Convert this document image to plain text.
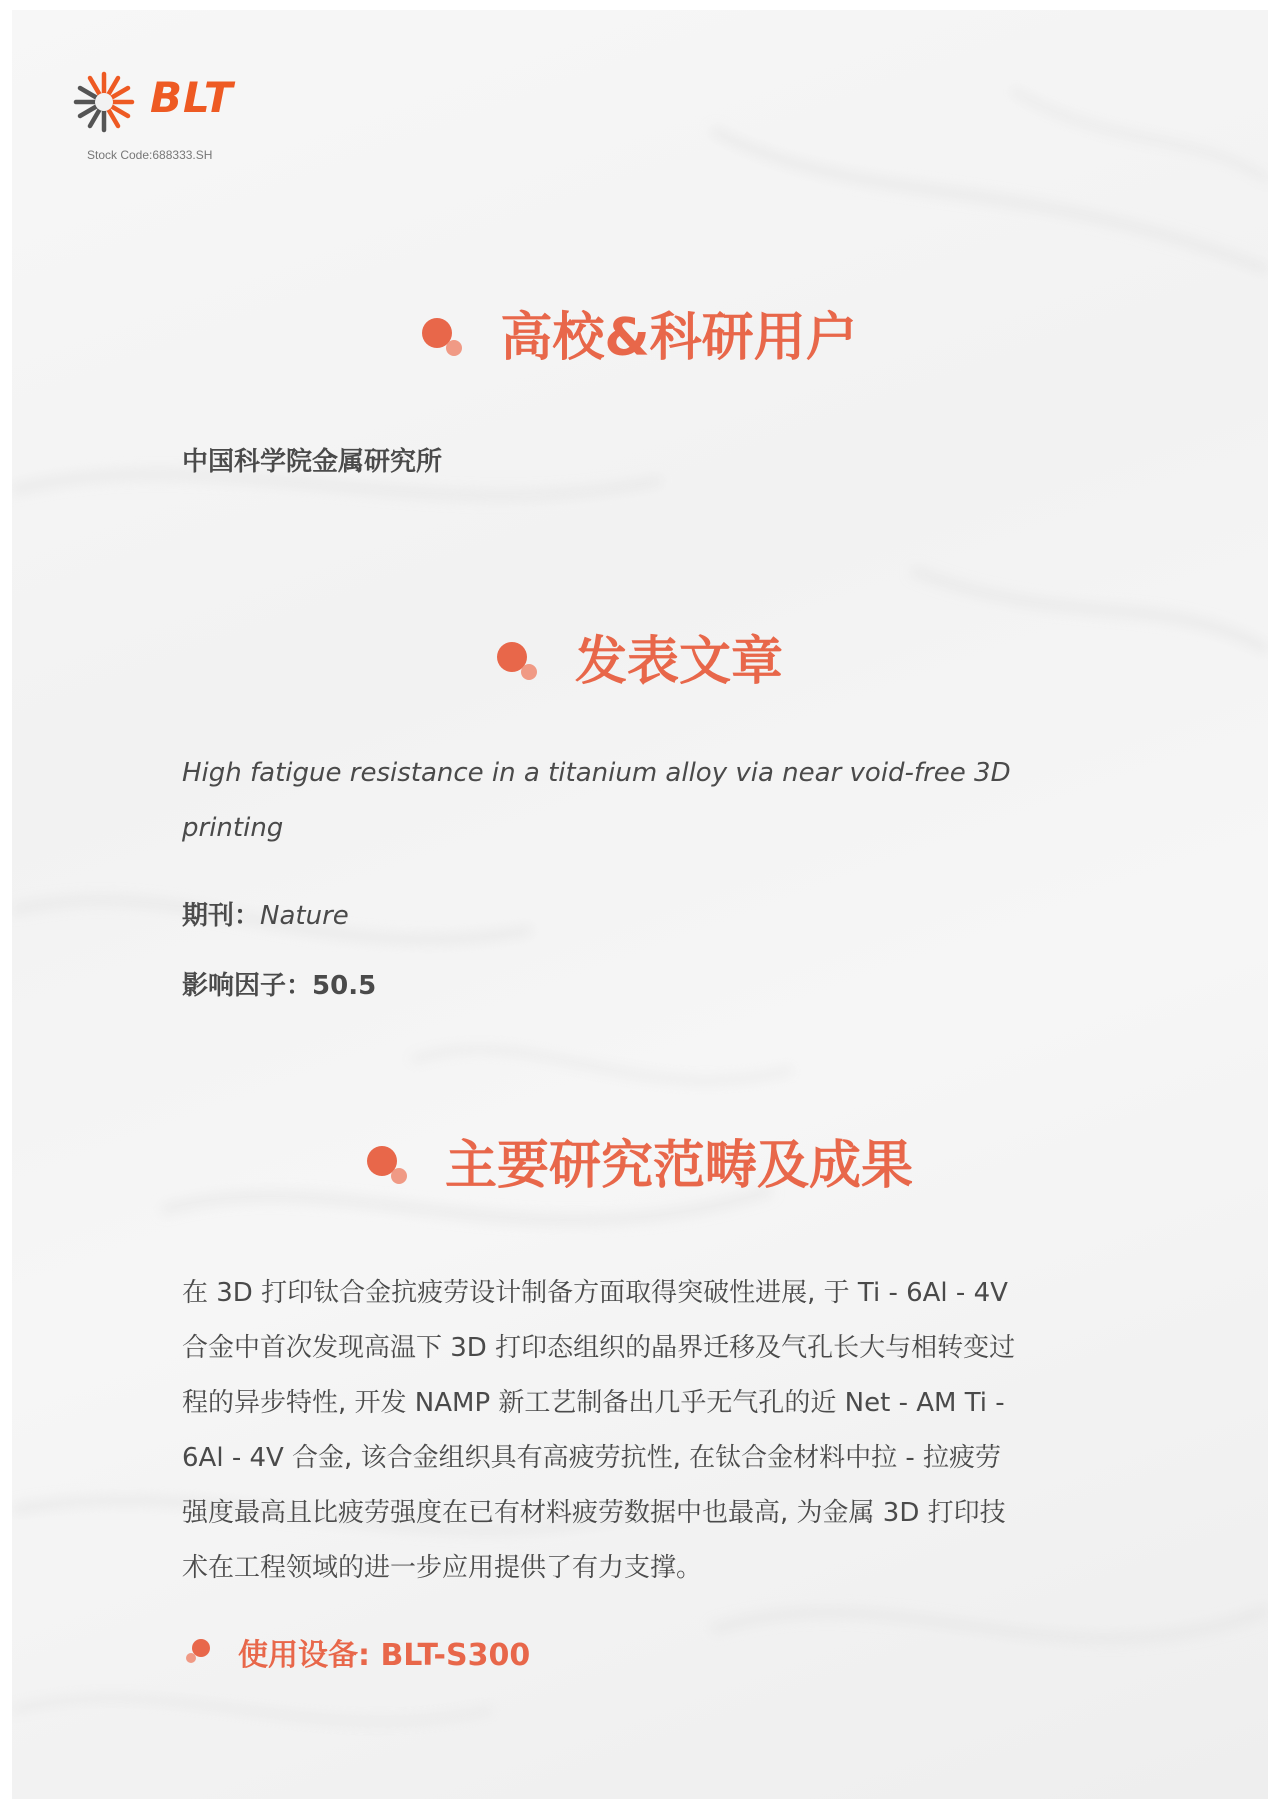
BLT
Stock Code:688333.SH
高校&科研用户
中国科学院金属研究所
发表文章
High fatigue resistance in a titanium alloy via near void-free 3D
printing
期刊：Nature
影响因子：50.5
主要研究范畴及成果
在 3D 打印钛合金抗疲劳设计制备方面取得突破性进展, 于 Ti - 6Al - 4V
合金中首次发现高温下 3D 打印态组织的晶界迁移及气孔长大与相转变过
程的异步特性, 开发 NAMP 新工艺制备出几乎无气孔的近 Net - AM Ti -
6Al - 4V 合金, 该合金组织具有高疲劳抗性, 在钛合金材料中拉 - 拉疲劳
强度最高且比疲劳强度在已有材料疲劳数据中也最高, 为金属 3D 打印技
术在工程领域的进一步应用提供了有力支撑。
使用设备: BLT-S300
